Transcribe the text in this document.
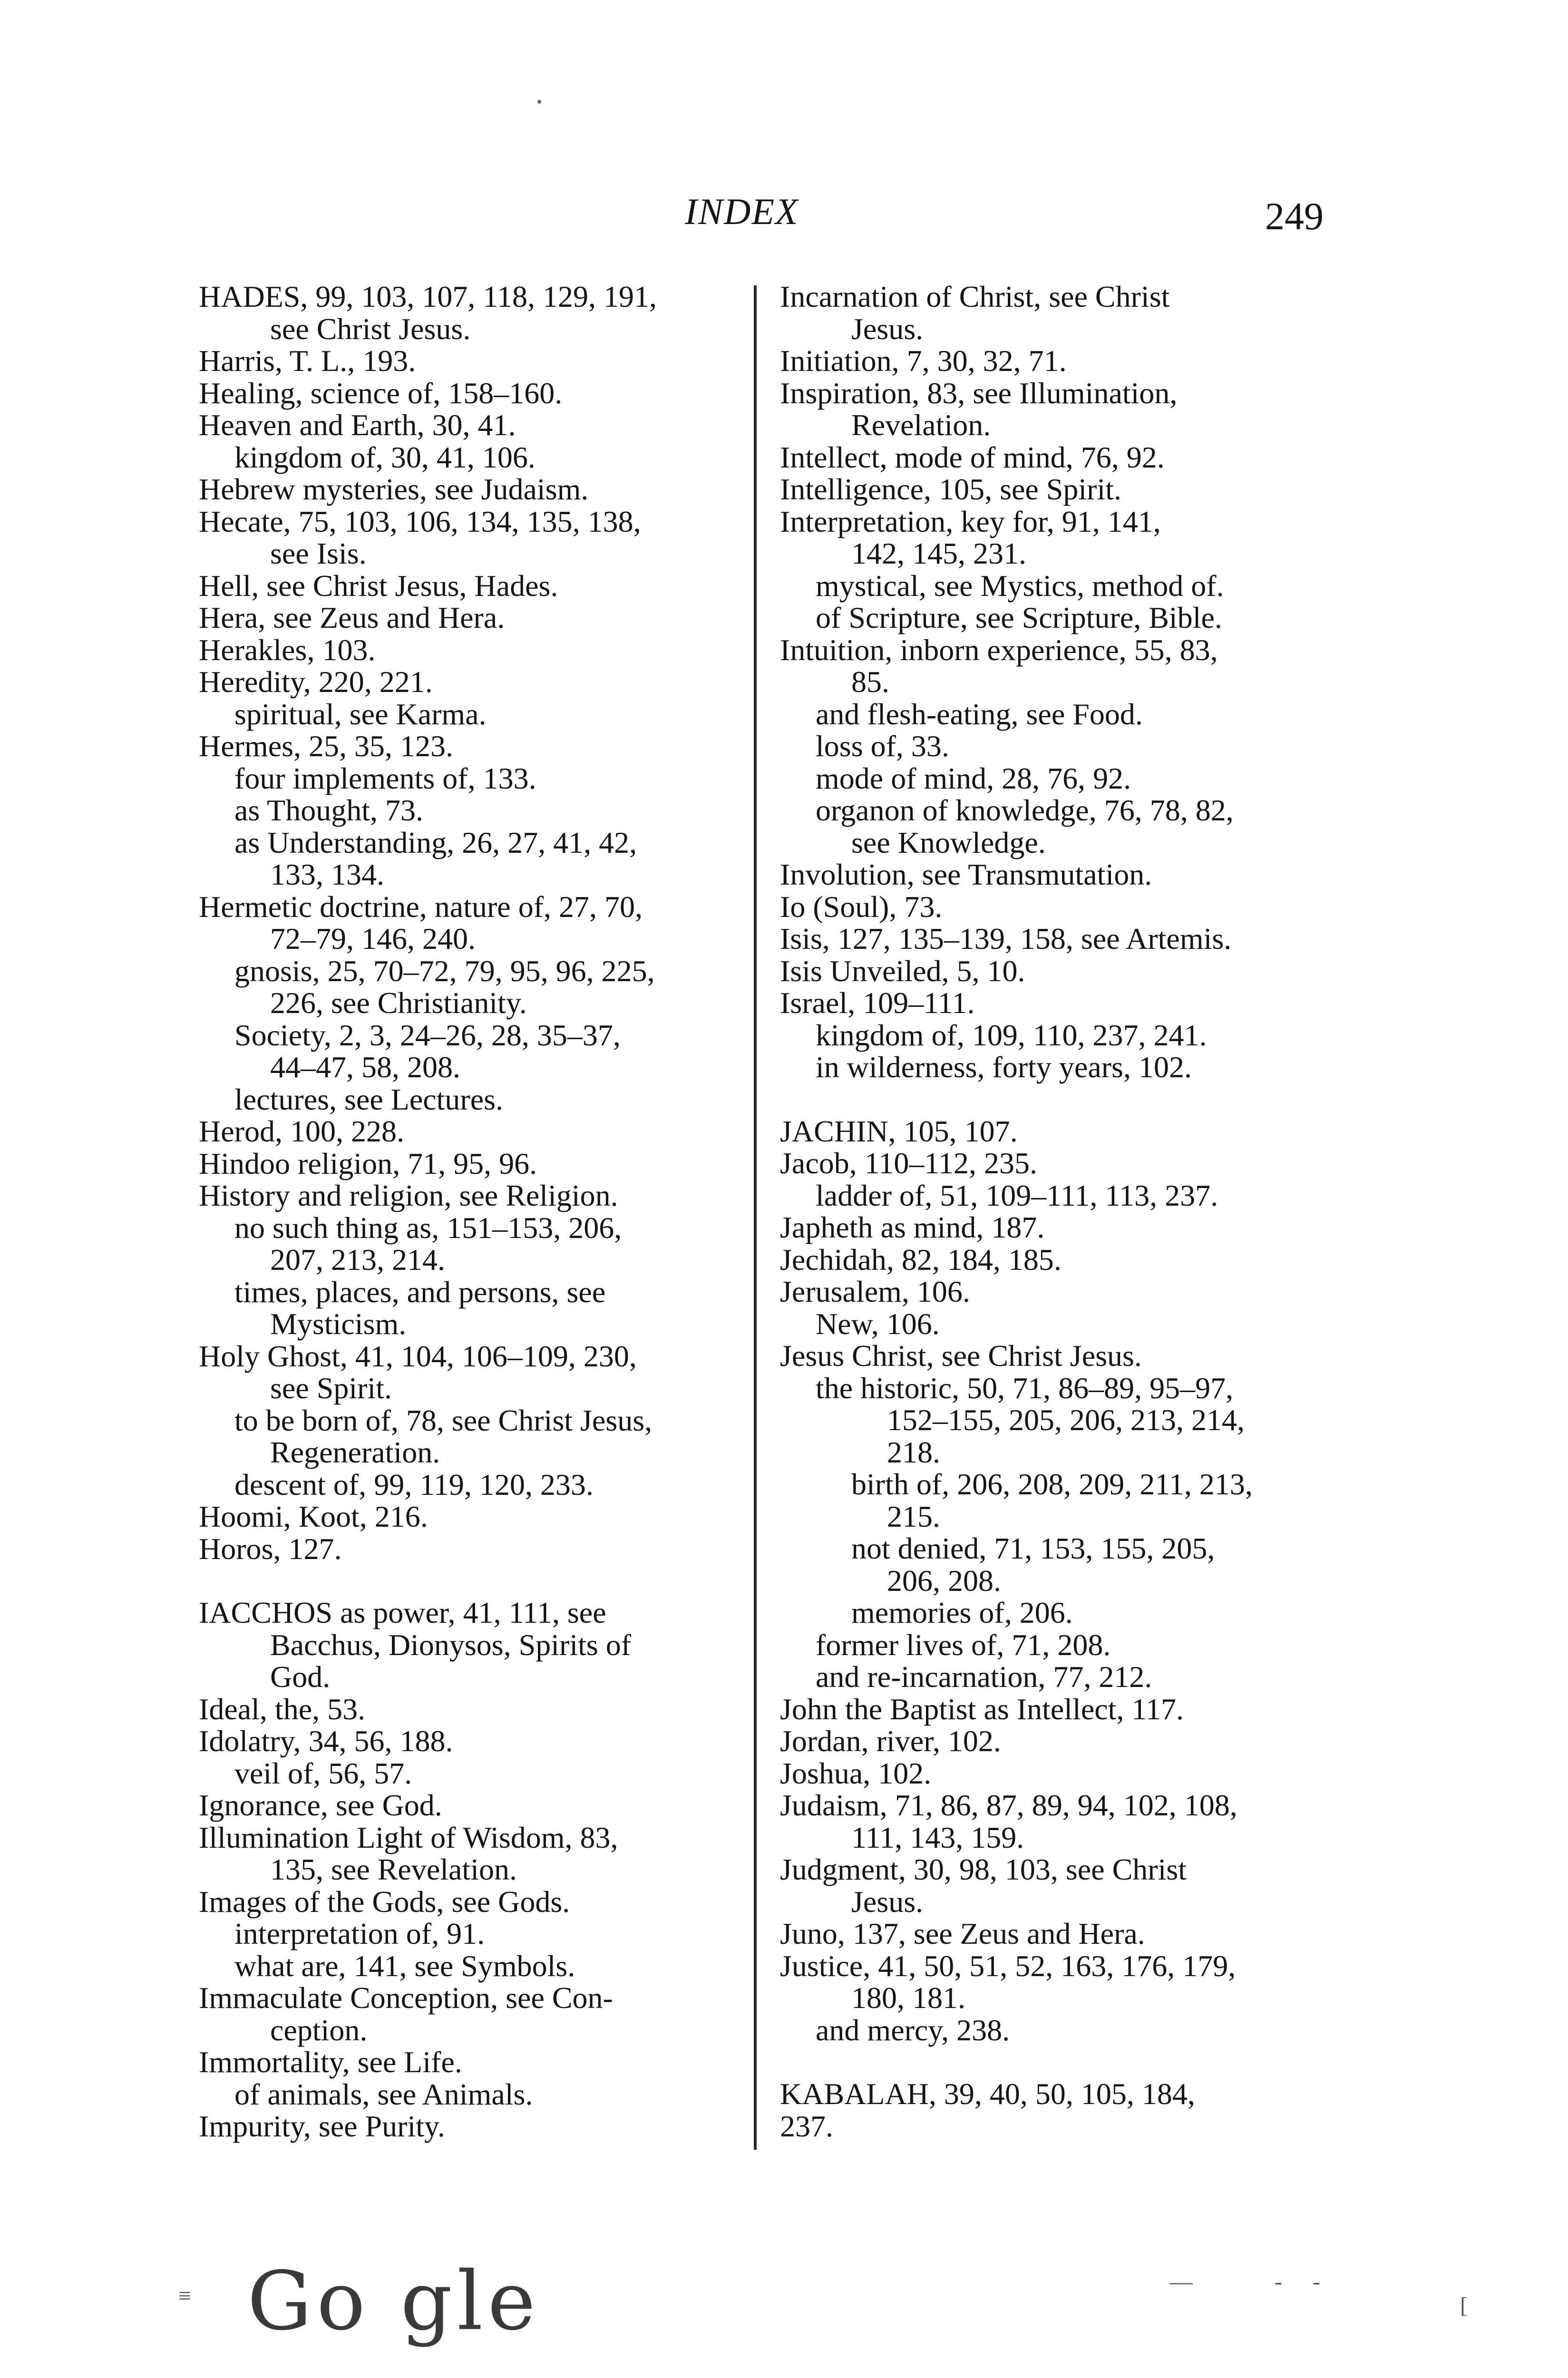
INDEX	249
HADES, 99, 103, 107, 118, 129, 191,
see Christ Jesus.
Harris, T. L., 193.
Healing, science of, 158–160.
Heaven and Earth, 30, 41.
kingdom of, 30, 41, 106.
Hebrew mysteries, see Judaism.
Hecate, 75, 103, 106, 134, 135, 138,
see Isis.
Hell, see Christ Jesus, Hades.
Hera, see Zeus and Hera.
Herakles, 103.
Heredity, 220, 221.
spiritual, see Karma.
Hermes, 25, 35, 123.
four implements of, 133.
as Thought, 73.
as Understanding, 26, 27, 41, 42,
133, 134.
Hermetic doctrine, nature of, 27, 70,
72–79, 146, 240.
gnosis, 25, 70–72, 79, 95, 96, 225,
226, see Christianity.
Society, 2, 3, 24–26, 28, 35–37,
44–47, 58, 208.
lectures, see Lectures.
Herod, 100, 228.
Hindoo religion, 71, 95, 96.
History and religion, see Religion.
no such thing as, 151–153, 206,
207, 213, 214.
times, places, and persons, see
Mysticism.
Holy Ghost, 41, 104, 106–109, 230,
see Spirit.
to be born of, 78, see Christ Jesus,
Regeneration.
descent of, 99, 119, 120, 233.
Hoomi, Koot, 216.
Horos, 127.
IACCHOS as power, 41, 111, see
Bacchus, Dionysos, Spirits of
God.
Ideal, the, 53.
Idolatry, 34, 56, 188.
veil of, 56, 57.
Ignorance, see God.
Illumination Light of Wisdom, 83,
135, see Revelation.
Images of the Gods, see Gods.
interpretation of, 91.
what are, 141, see Symbols.
Immaculate Conception, see Con-
ception.
Immortality, see Life.
of animals, see Animals.
Impurity, see Purity.
Incarnation of Christ, see Christ
Jesus.
Initiation, 7, 30, 32, 71.
Inspiration, 83, see Illumination,
Revelation.
Intellect, mode of mind, 76, 92.
Intelligence, 105, see Spirit.
Interpretation, key for, 91, 141,
142, 145, 231.
mystical, see Mystics, method of.
of Scripture, see Scripture, Bible.
Intuition, inborn experience, 55, 83,
85.
and flesh-eating, see Food.
loss of, 33.
mode of mind, 28, 76, 92.
organon of knowledge, 76, 78, 82,
see Knowledge.
Involution, see Transmutation.
Io (Soul), 73.
Isis, 127, 135–139, 158, see Artemis.
Isis Unveiled, 5, 10.
Israel, 109–111.
kingdom of, 109, 110, 237, 241.
in wilderness, forty years, 102.
JACHIN, 105, 107.
Jacob, 110–112, 235.
ladder of, 51, 109–111, 113, 237.
Japheth as mind, 187.
Jechidah, 82, 184, 185.
Jerusalem, 106.
New, 106.
Jesus Christ, see Christ Jesus.
the historic, 50, 71, 86–89, 95–97,
152–155, 205, 206, 213, 214,
218.
birth of, 206, 208, 209, 211, 213,
215.
not denied, 71, 153, 155, 205,
206, 208.
memories of, 206.
former lives of, 71, 208.
and re-incarnation, 77, 212.
John the Baptist as Intellect, 117.
Jordan, river, 102.
Joshua, 102.
Judaism, 71, 86, 87, 89, 94, 102, 108,
111, 143, 159.
Judgment, 30, 98, 103, see Christ
Jesus.
Juno, 137, see Zeus and Hera.
Justice, 41, 50, 51, 52, 163, 176, 179,
180, 181.
and mercy, 238.
KABALAH, 39, 40, 50, 105, 184,
237.
Go gle
≡
—	- -
[
